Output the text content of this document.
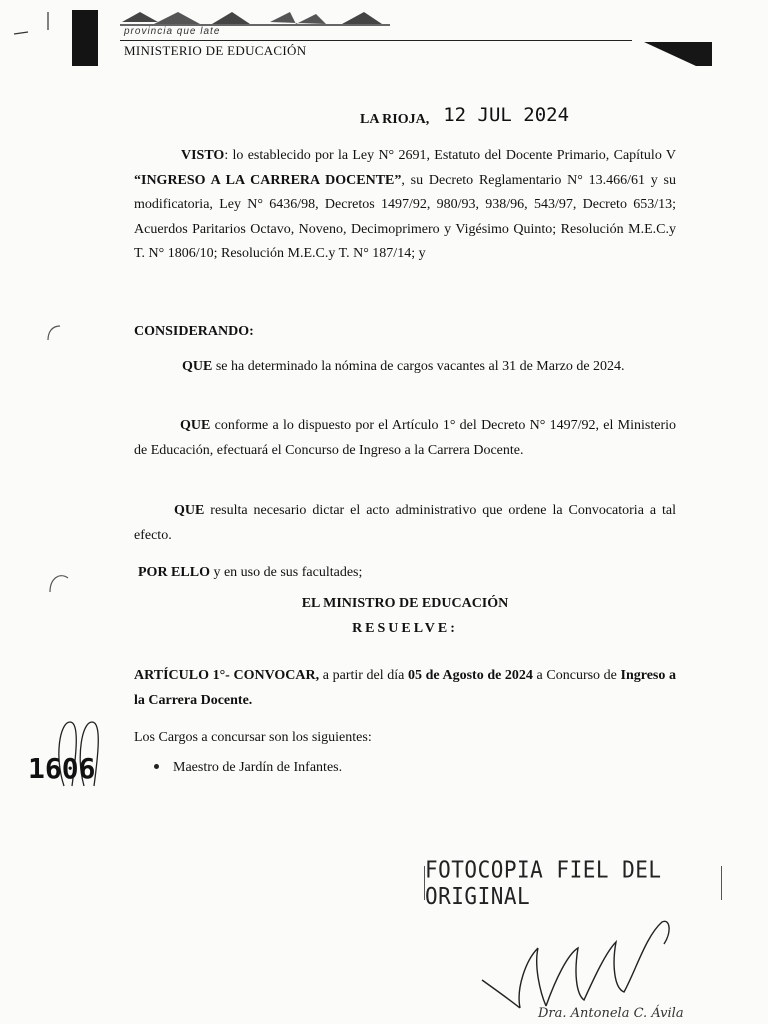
provincia que late
MINISTERIO DE EDUCACIÓN
LA RIOJA, 12 JUL 2024
VISTO: lo establecido por la Ley N° 2691, Estatuto del Docente Primario, Capítulo V “INGRESO A LA CARRERA DOCENTE”, su Decreto Reglamentario N° 13.466/61 y su modificatoria, Ley N° 6436/98, Decretos 1497/92, 980/93, 938/96, 543/97, Decreto 653/13; Acuerdos Paritarios Octavo, Noveno, Decimoprimero y Vigésimo Quinto; Resolución M.E.C.y T. N° 1806/10; Resolución M.E.C.y T. N° 187/14; y
CONSIDERANDO:
QUE se ha determinado la nómina de cargos vacantes al 31 de Marzo de 2024.
QUE conforme a lo dispuesto por el Artículo 1° del Decreto N° 1497/92, el Ministerio de Educación, efectuará el Concurso de Ingreso a la Carrera Docente.
QUE resulta necesario dictar el acto administrativo que ordene la Convocatoria a tal efecto.
POR ELLO y en uso de sus facultades;
EL MINISTRO DE EDUCACIÓN
RESUELVE:
ARTÍCULO 1°- CONVOCAR, a partir del día 05 de Agosto de 2024 a Concurso de Ingreso a la Carrera Docente.
Los Cargos a concursar son los siguientes:
Maestro de Jardín de Infantes.
1606
FOTOCOPIA FIEL DEL ORIGINAL
Dra. Antonela C. Ávila
